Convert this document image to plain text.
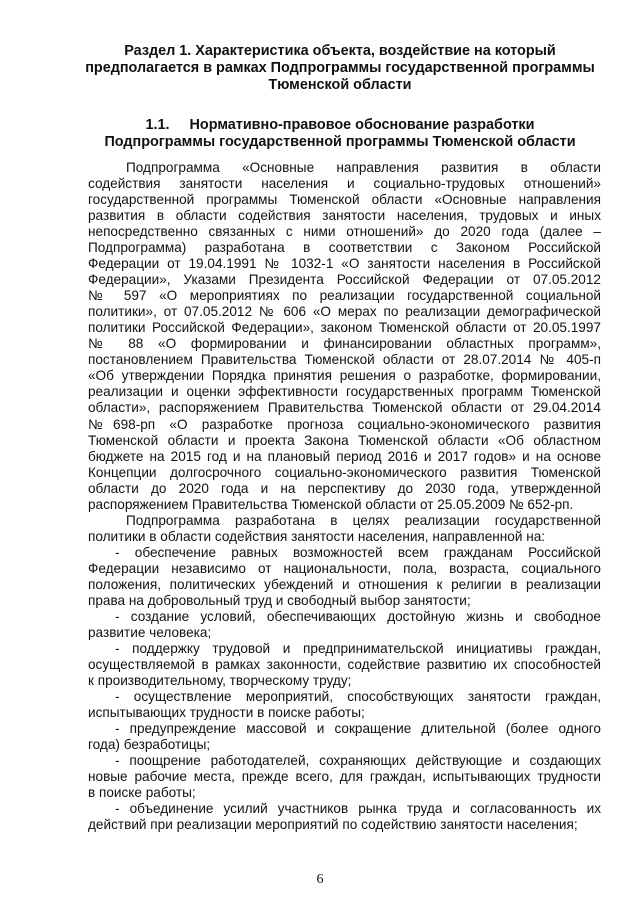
Раздел 1. Характеристика объекта, воздействие на который
предполагается в рамках Подпрограммы государственной программы
Тюменской области
1.1. Нормативно-правовое обоснование разработки
Подпрограммы государственной программы Тюменской области
Подпрограмма «Основные направления развития в области
содействия занятости населения и социально-трудовых отношений»
государственной программы Тюменской области «Основные направления
развития в области содействия занятости населения, трудовых и иных
непосредственно связанных с ними отношений» до 2020 года (далее –
Подпрограмма) разработана в соответствии с Законом Российской
Федерации от 19.04.1991 № 1032-1 «О занятости населения в Российской
Федерации», Указами Президента Российской Федерации от 07.05.2012
№ 597 «О мероприятиях по реализации государственной социальной
политики», от 07.05.2012 № 606 «О мерах по реализации демографической
политики Российской Федерации», законом Тюменской области от 20.05.1997
№ 88 «О формировании и финансировании областных программ»,
постановлением Правительства Тюменской области от 28.07.2014 № 405-п
«Об утверждении Порядка принятия решения о разработке, формировании,
реализации и оценки эффективности государственных программ Тюменской
области», распоряжением Правительства Тюменской области от 29.04.2014
№698-рп «О разработке прогноза социально-экономического развития
Тюменской области и проекта Закона Тюменской области «Об областном
бюджете на 2015 год и на плановый период 2016 и 2017 годов» и на основе
Концепции долгосрочного социально-экономического развития Тюменской
области до 2020 года и на перспективу до 2030 года, утвержденной
распоряжением Правительства Тюменской области от 25.05.2009 № 652-рп.
Подпрограмма разработана в целях реализации государственной
политики в области содействия занятости населения, направленной на:
- обеспечение равных возможностей всем гражданам Российской
Федерации независимо от национальности, пола, возраста, социального
положения, политических убеждений и отношения к религии в реализации
права на добровольный труд и свободный выбор занятости;
- создание условий, обеспечивающих достойную жизнь и свободное
развитие человека;
- поддержку трудовой и предпринимательской инициативы граждан,
осуществляемой в рамках законности, содействие развитию их способностей
к производительному, творческому труду;
- осуществление мероприятий, способствующих занятости граждан,
испытывающих трудности в поиске работы;
- предупреждение массовой и сокращение длительной (более одного
года) безработицы;
- поощрение работодателей, сохраняющих действующие и создающих
новые рабочие места, прежде всего, для граждан, испытывающих трудности
в поиске работы;
- объединение усилий участников рынка труда и согласованность их
действий при реализации мероприятий по содействию занятости населения;
6
